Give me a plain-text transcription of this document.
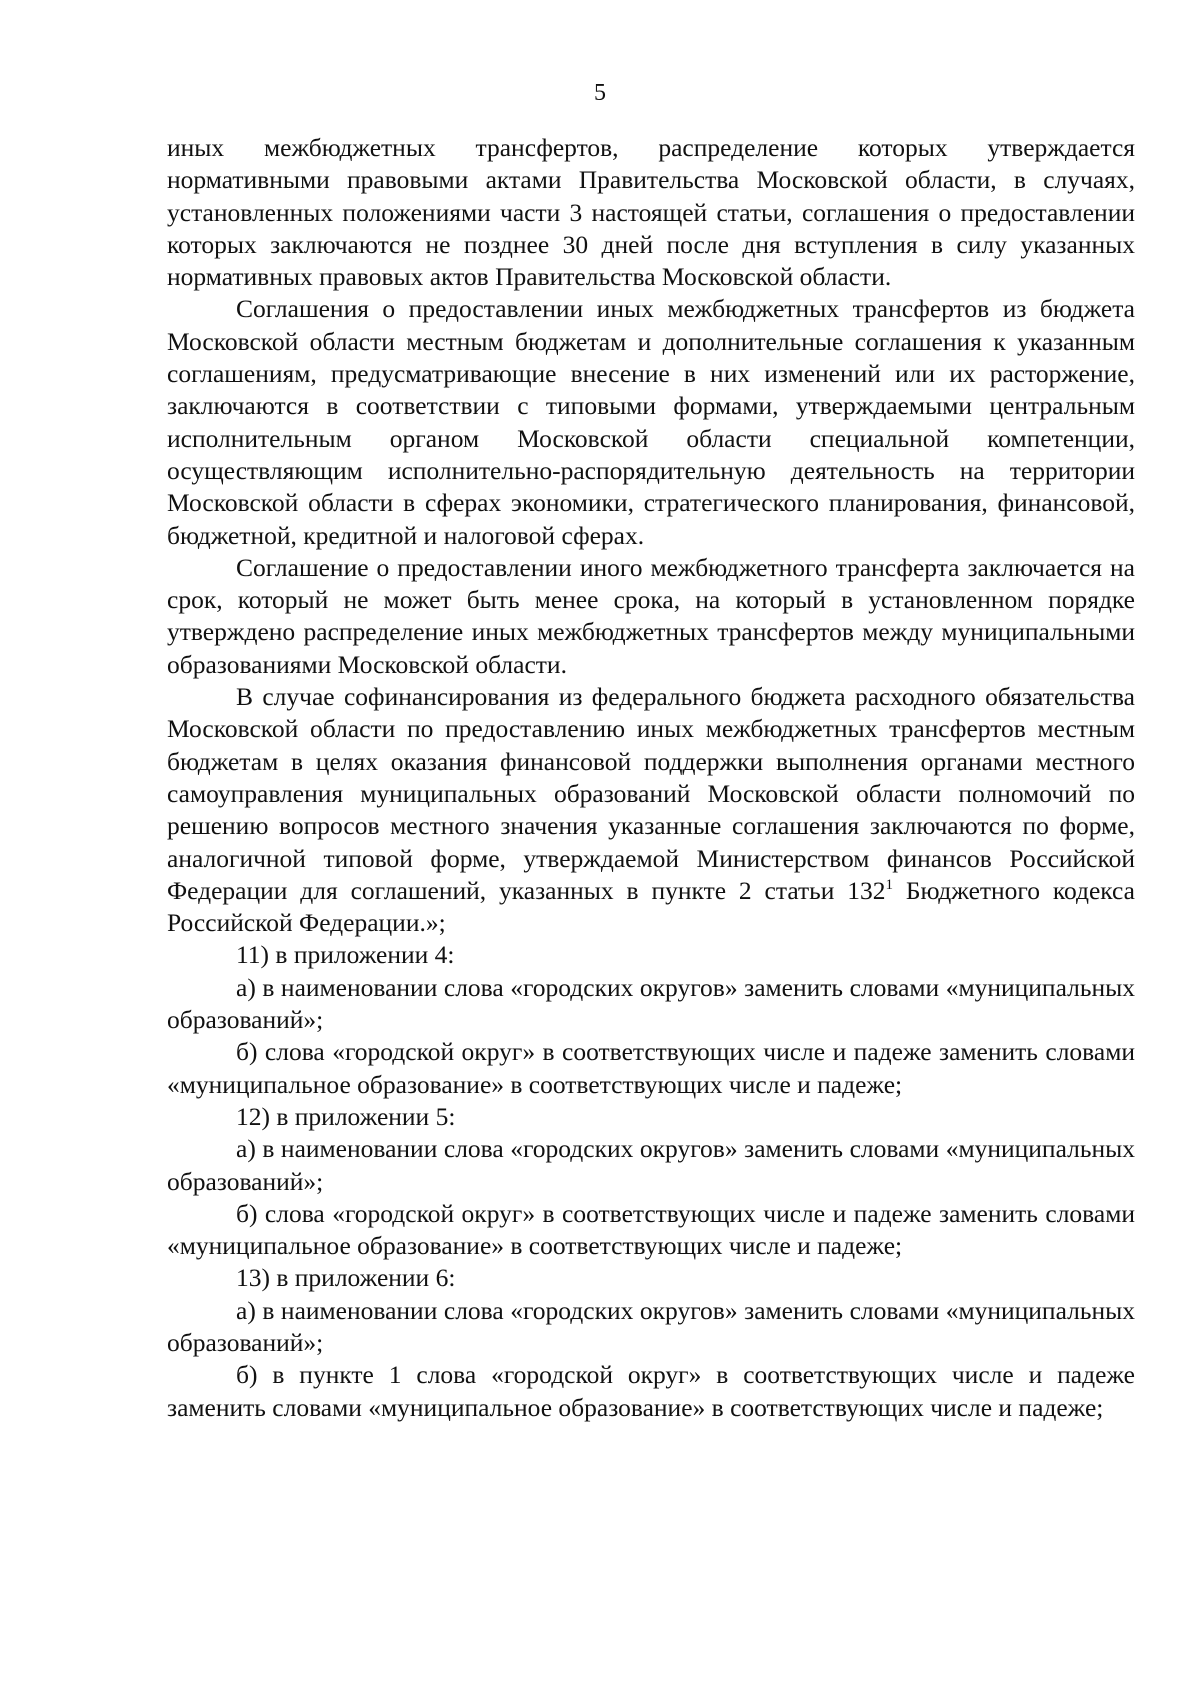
5

иных межбюджетных трансфертов, распределение которых утверждается нормативными правовыми актами Правительства Московской области, в случаях, установленных положениями части 3 настоящей статьи, соглашения о предоставлении которых заключаются не позднее 30 дней после дня вступления в силу указанных нормативных правовых актов Правительства Московской области.

Соглашения о предоставлении иных межбюджетных трансфертов из бюджета Московской области местным бюджетам и дополнительные соглашения к указанным соглашениям, предусматривающие внесение в них изменений или их расторжение, заключаются в соответствии с типовыми формами, утверждаемыми центральным исполнительным органом Московской области специальной компетенции, осуществляющим исполнительно-распорядительную деятельность на территории Московской области в сферах экономики, стратегического планирования, финансовой, бюджетной, кредитной и налоговой сферах.

Соглашение о предоставлении иного межбюджетного трансферта заключается на срок, который не может быть менее срока, на который в установленном порядке утверждено распределение иных межбюджетных трансфертов между муниципальными образованиями Московской области.

В случае софинансирования из федерального бюджета расходного обязательства Московской области по предоставлению иных межбюджетных трансфертов местным бюджетам в целях оказания финансовой поддержки выполнения органами местного самоуправления муниципальных образований Московской области полномочий по решению вопросов местного значения указанные соглашения заключаются по форме, аналогичной типовой форме, утверждаемой Министерством финансов Российской Федерации для соглашений, указанных в пункте 2 статьи $132^1$ Бюджетного кодекса Российской Федерации.»;

11) в приложении 4:

а) в наименовании слова «городских округов» заменить словами «муниципальных образований»;

б) слова «городской округ» в соответствующих числе и падеже заменить словами «муниципальное образование» в соответствующих числе и падеже;

12) в приложении 5:

а) в наименовании слова «городских округов» заменить словами «муниципальных образований»;

б) слова «городской округ» в соответствующих числе и падеже заменить словами «муниципальное образование» в соответствующих числе и падеже;

13) в приложении 6:

а) в наименовании слова «городских округов» заменить словами «муниципальных образований»;

б) в пункте 1 слова «городской округ» в соответствующих числе и падеже заменить словами «муниципальное образование» в соответствующих числе и падеже;
